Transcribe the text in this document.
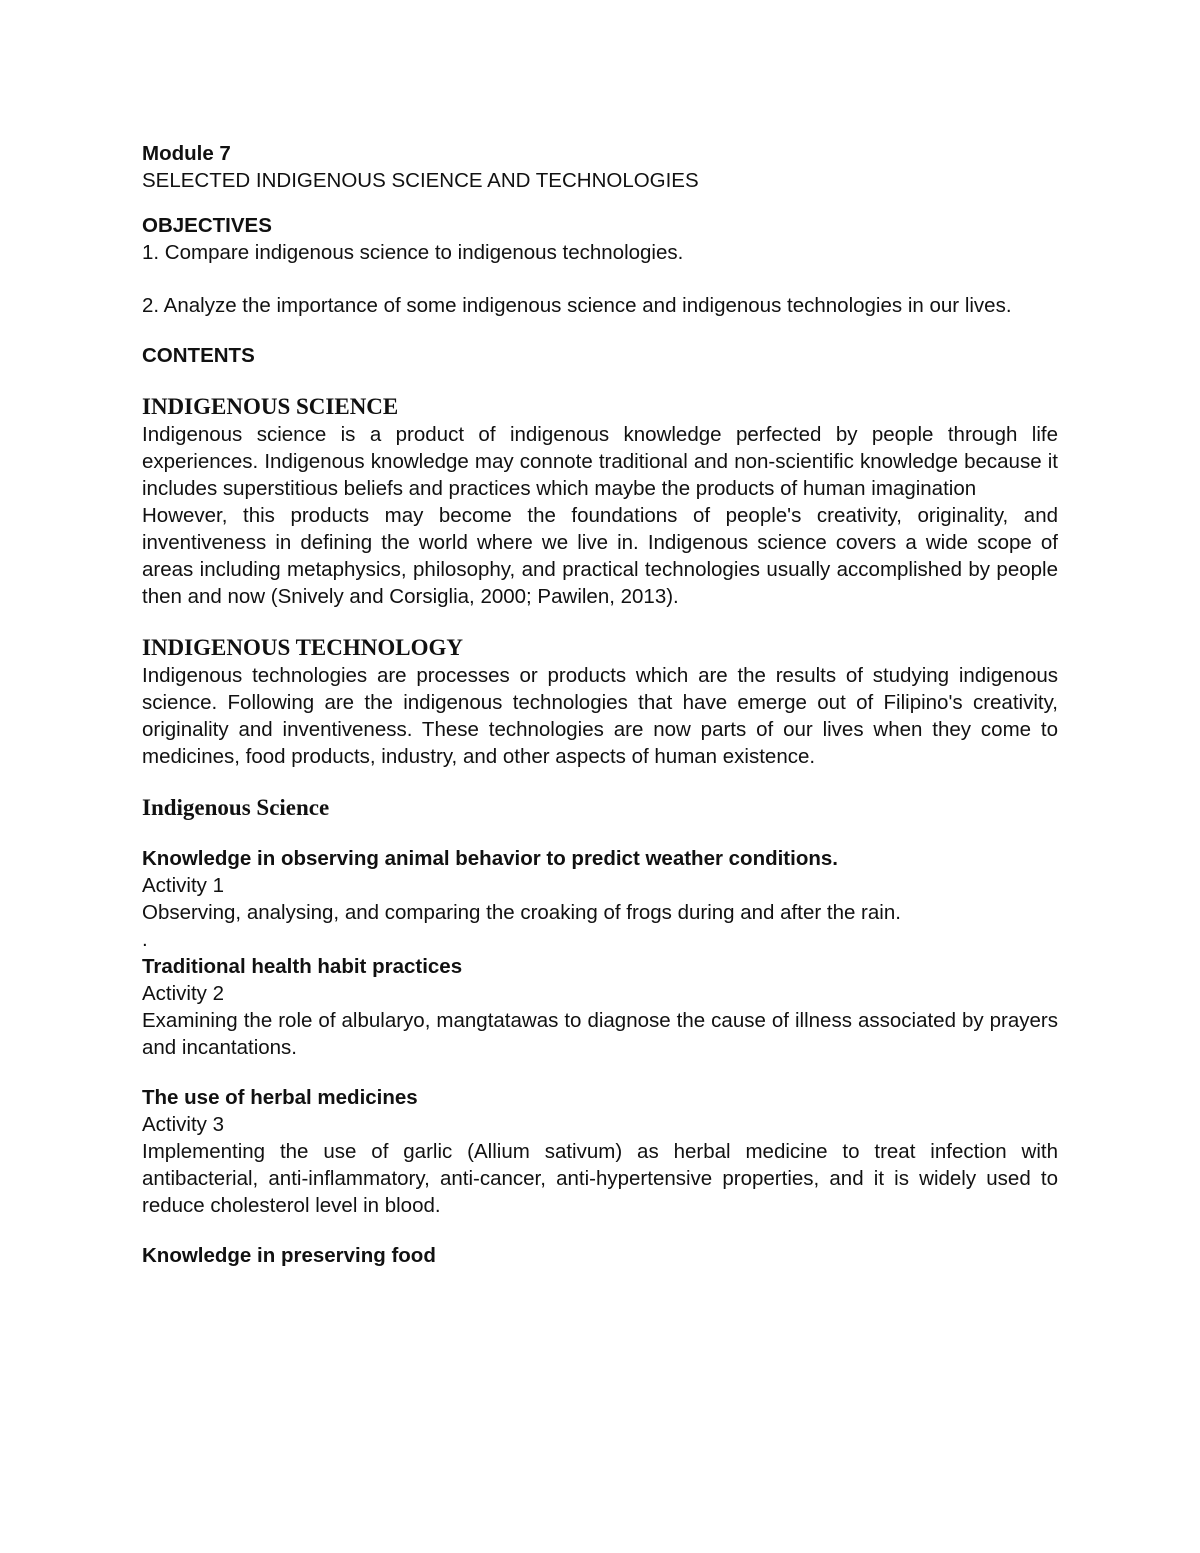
Module 7

SELECTED INDIGENOUS SCIENCE AND TECHNOLOGIES

OBJECTIVES

1. Compare indigenous science to indigenous technologies.

2. Analyze the importance of some indigenous science and indigenous technologies in our lives.

CONTENTS

INDIGENOUS SCIENCE

Indigenous science is a product of indigenous knowledge perfected by people through life experiences. Indigenous knowledge may connote traditional and non-scientific knowledge because it includes superstitious beliefs and practices which maybe the products of human imagination

However, this products may become the foundations of people's creativity, originality, and inventiveness in defining the world where we live in. Indigenous science covers a wide scope of areas including metaphysics, philosophy, and practical technologies usually accomplished by people then and now (Snively and Corsiglia, 2000; Pawilen, 2013).

INDIGENOUS TECHNOLOGY

Indigenous technologies are processes or products which are the results of studying indigenous science. Following are the indigenous technologies that have emerge out of Filipino's creativity, originality and inventiveness. These technologies are now parts of our lives when they come to medicines, food products, industry, and other aspects of human existence.

Indigenous Science

Knowledge in observing animal behavior to predict weather conditions.

Activity 1

Observing, analysing, and comparing the croaking of frogs during and after the rain.

.

Traditional health habit practices

Activity 2

Examining the role of albularyo, mangtatawas to diagnose the cause of illness associated by prayers and incantations.

The use of herbal medicines

Activity 3

Implementing the use of garlic (Allium sativum) as herbal medicine to treat infection with antibacterial, anti-inflammatory, anti-cancer, anti-hypertensive properties, and it is widely used to reduce cholesterol level in blood.

Knowledge in preserving food
